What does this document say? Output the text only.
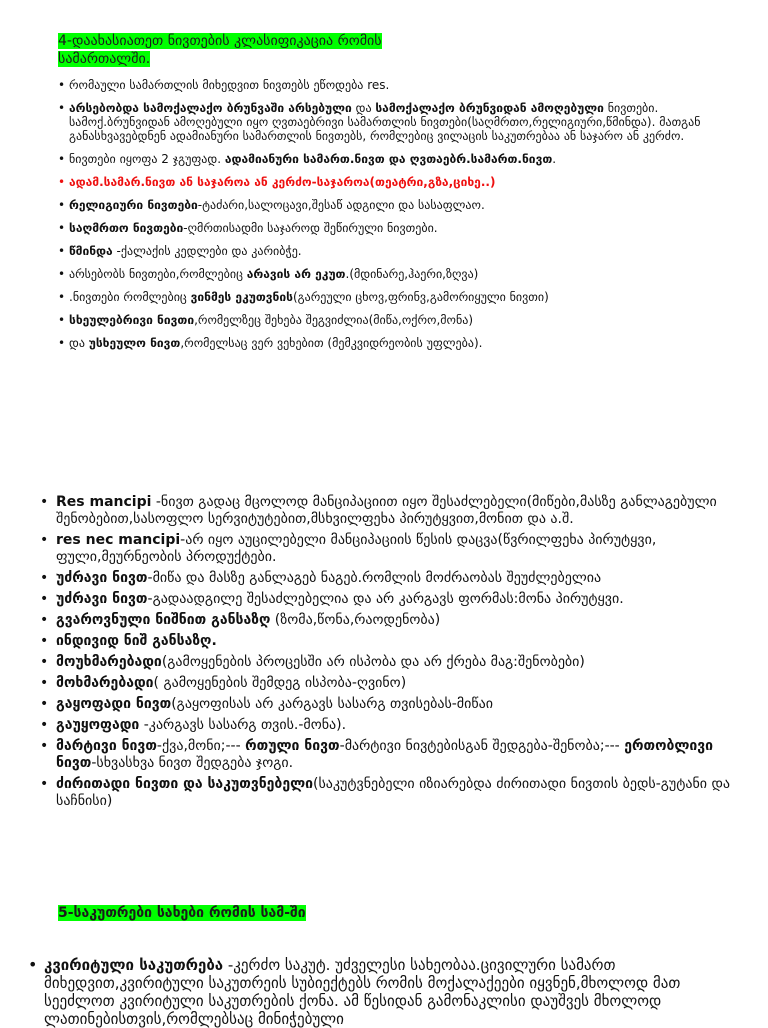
4-დაახასიათეთ ნივთების კლასიფიკაცია რომის სამართალში.
• რომაული სამართლის მიხედვით ნივთებს ეწოდება res.
• არსებობდა სამოქალაქო ბრუნვაში არსებული და სამოქალაქო ბრუნვიდან ამოღებული ნივთები. სამოქ.ბრუნვიდან ამოღებული იყო ღვთაებრივი სამართლის ნივთები(საღმრთო,რელიგიური,წმინდა). მათგან განასხვავებდნენ ადამიანური სამართლის ნივთებს, რომლებიც ვილაცის საკუთრებაა ან საჯარო ან კერძო.
• ნივთები იყოფა 2 ჯგუფად. ადამიანური სამართ.ნივთ და ღვთაებრ.სამართ.ნივთ.
• ადამ.სამარ.ნივთ ან საჯაროა ან კერძო-საჯაროა(თეატრი,გზა,ციხე..)
• რელიგიური ნივთები-ტაძარი,სალოცავი,შესაწ ადგილი და სასაფლაო.
• საღმრთო ნივთები-ღმრთისადმი საჯაროდ შეწირული ნივთები.
• წმინდა -ქალაქის კედლები და კარიბჭე.
• არსებობს ნივთები,რომლებიც არავის არ ეკუთ.(მდინარე,ჰაერი,ზღვა)
• .ნივთები რომლებიც ვინმეს ეკუთვნის(გარეული ცხოვ,ფრინვ,გამორიყული ნივთი)
• სხეულებრივი ნივთი,რომელზეც შეხება შეგვიძლია(მიწა,ოქრო,მონა)
• და უსხეულო ნივთ,რომელსაც ვერ ვეხებით (მემკვიდრეობის უფლება).
• Res mancipi -ნივთ გადაც მცოლოდ მანციპაციით იყო შესაძლებელი(მიწები,მასზე განლაგებული შენობებით,სასოფლო სერვიტუტებით,მსხვილფეხა პირუტყვით,მონით და ა.შ.
• res nec mancipi-არ იყო აუცილებელი მანციპაციის წესის დაცვა(წვრილფეხა პირუტყვი, ფული,მეურნეობის პროდუქტები.
• უძრავი ნივთ-მიწა და მასზე განლაგებ ნაგებ.რომლის მოძრაობას შეუძლებელია
• უძრავი ნივთ-გადაადგილე შესაძლებელია და არ კარგავს ფორმას:მონა პირუტყვი.
• გვაროვნული ნიშნით განსაზღ (ზომა,წონა,რაოდენობა)
• ინდივიდ ნიშ განსაზღ.
• მოუხმარებადი(გამოყენების პროცესში არ ისპობა და არ ქრება მაგ:შენობები)
• მოხმარებადი( გამოყენების შემდეგ ისპობა-ღვინო)
• გაყოფადი ნივთ(გაყოფისას არ კარგავს სასარგ თვისებას-მიწაი
• გაუყოფადი -კარგავს სასარგ თვის.-მონა).
• მარტივი ნივთ-ქვა,მონი;--- რთული ნივთ-მარტივი ნივტებისგან შედგება-შენობა;--- ერთობლივი ნივთ-სხვასხვა ნივთ შედგება ჯოგი.
• ძირითადი ნივთი და საკუთვნებელი(საკუტვნებელი იზიარებდა ძირითადი ნივთის ბედს-გუტანი და საჩნისი)
5-საკუთრები სახები რომის სამ-ში
• კვირიტული საკუთრება -კერძო საკუტ. უძველესი სახეობაა.ცივილური სამართ მიხედვით,კვირიტული საკუთრეის სუბიექტებს რომის მოქალაქეები იყვნენ,მხოლოდ მათ სეეძლოთ კვირიტული საკუთრების ქონა. ამ წესიდან გამონაკლისი დაუშვეს მხოლოდ ლათინებისთვის,რომლებსაც მინიჭებული
